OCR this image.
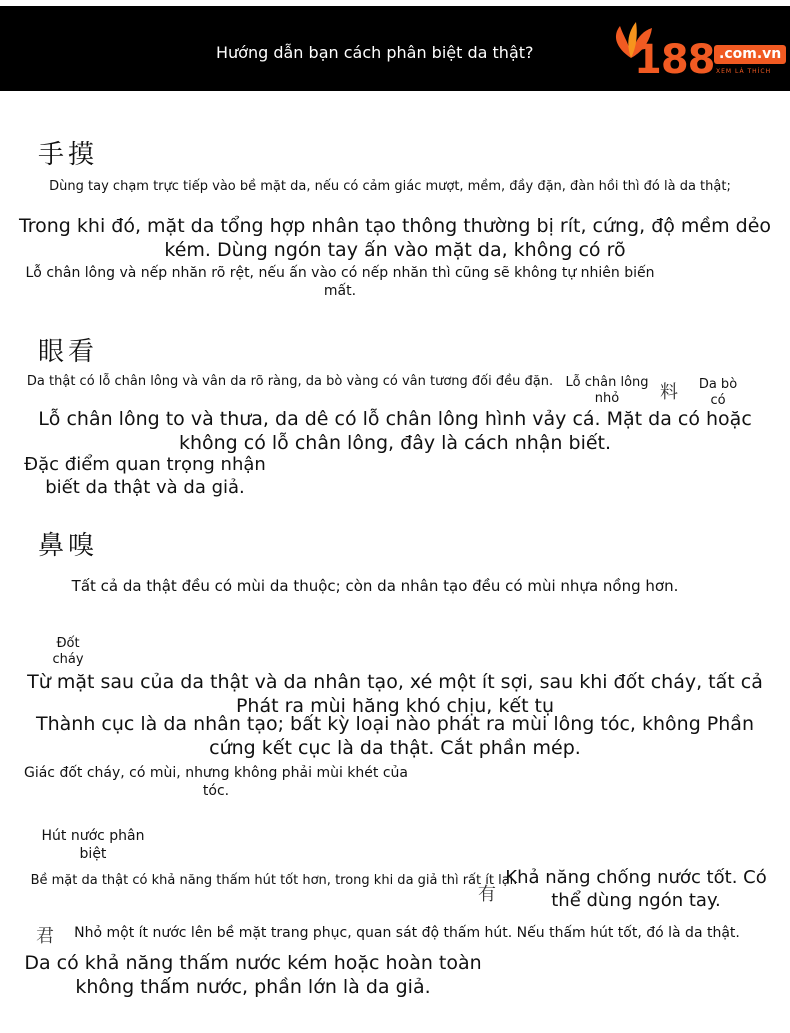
Hướng dẫn bạn cách phân biệt da thật?	188 .com.vn
XEM LÀ THÍCH
手摸
Dùng tay chạm trực tiếp vào bề mặt da, nếu có cảm giác mượt, mềm, đầy đặn, đàn hồi thì đó là da thật;
Trong khi đó, mặt da tổng hợp nhân tạo thông thường bị rít, cứng, độ mềm dẻo kém. Dùng ngón tay ấn vào mặt da, không có rõ
Lỗ chân lông và nếp nhăn rõ rệt, nếu ấn vào có nếp nhăn thì cũng sẽ không tự nhiên biến mất.
眼看
Da thật có lỗ chân lông và vân da rõ ràng, da bò vàng có vân tương đối đều đặn. Lỗ chân lông nhỏ	料	Da bò có
Lỗ chân lông to và thưa, da dê có lỗ chân lông hình vảy cá. Mặt da có hoặc không có lỗ chân lông, đây là cách nhận biết.
Đặc điểm quan trọng nhận biết da thật và da giả.
鼻嗅
Tất cả da thật đều có mùi da thuộc; còn da nhân tạo đều có mùi nhựa nồng hơn.
Đốt cháy
Từ mặt sau của da thật và da nhân tạo, xé một ít sợi, sau khi đốt cháy, tất cả Phát ra mùi hăng khó chịu, kết tụ
Thành cục là da nhân tạo; bất kỳ loại nào phát ra mùi lông tóc, không Phần cứng kết cục là da thật. Cắt phần mép.
Giác đốt cháy, có mùi, nhưng không phải mùi khét của tóc.
Hút nước phân biệt
Bề mặt da thật có khả năng thấm hút tốt hơn, trong khi da giả thì rất ít lại.
有
Khả năng chống nước tốt. Có thể dùng ngón tay.
君 Nhỏ một ít nước lên bề mặt trang phục, quan sát độ thấm hút. Nếu thấm hút tốt, đó là da thật.
Da có khả năng thấm nước kém hoặc hoàn toàn không thấm nước, phần lớn là da giả.
